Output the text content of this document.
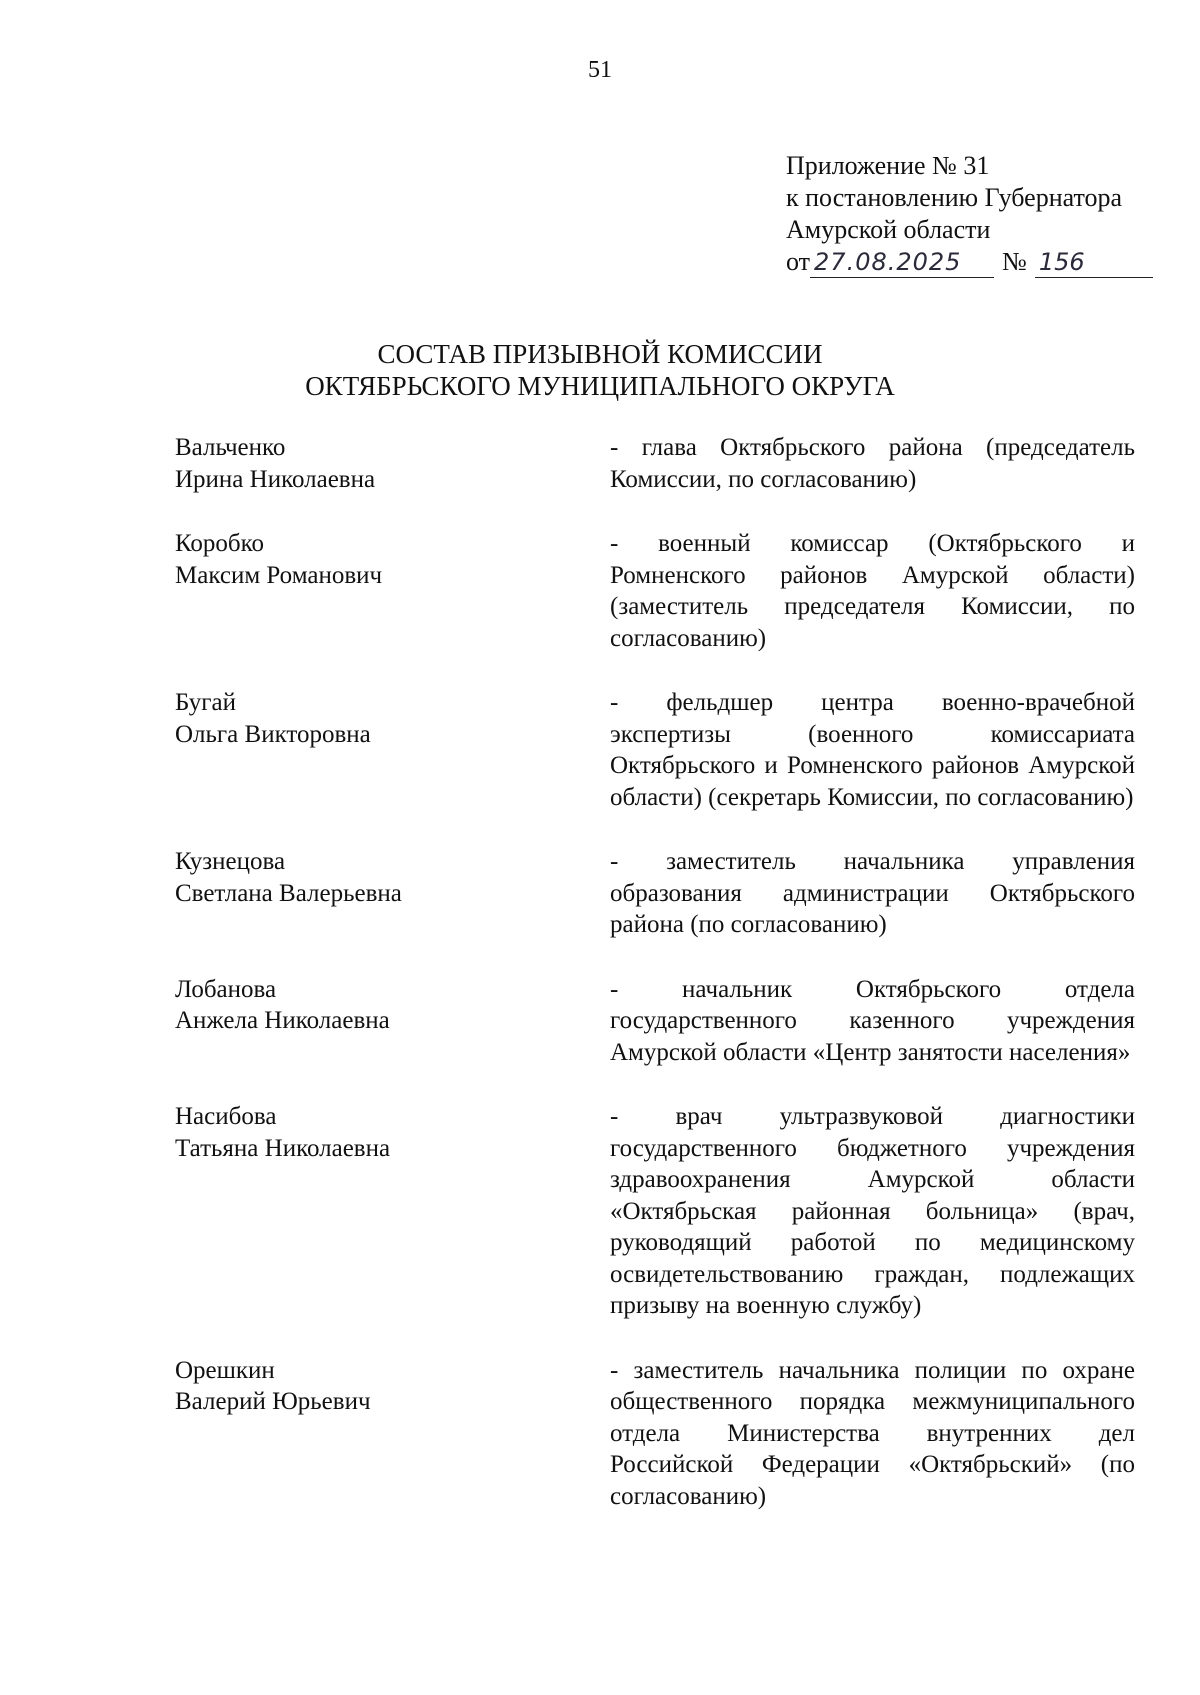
51
Приложение № 31
к постановлению Губернатора
Амурской области
от 27.08.2025	№ 156
СОСТАВ ПРИЗЫВНОЙ КОМИССИИ
ОКТЯБРЬСКОГО МУНИЦИПАЛЬНОГО ОКРУГА
Вальченко
Ирина Николаевна
- глава Октябрьского района (председатель Комиссии, по согласованию)
Коробко
Максим Романович
- военный комиссар (Октябрьского и Ромненского районов Амурской области) (заместитель председателя Комиссии, по согласованию)
Бугай
Ольга Викторовна
- фельдшер центра военно-врачебной экспертизы (военного комиссариата Октябрьского и Ромненского районов Амурской области) (секретарь Комиссии, по согласованию)
Кузнецова
Светлана Валерьевна
- заместитель начальника управления образования администрации Октябрьского района (по согласованию)
Лобанова
Анжела Николаевна
- начальник Октябрьского отдела государственного казенного учреждения Амурской области «Центр занятости населения»
Насибова
Татьяна Николаевна
- врач ультразвуковой диагностики государственного бюджетного учреждения здравоохранения Амурской области «Октябрьская районная больница» (врач, руководящий работой по медицинскому освидетельствованию граждан, подлежащих призыву на военную службу)
Орешкин
Валерий Юрьевич
- заместитель начальника полиции по охране общественного порядка межмуниципального отдела Министерства внутренних дел Российской Федерации «Октябрьский» (по согласованию)
